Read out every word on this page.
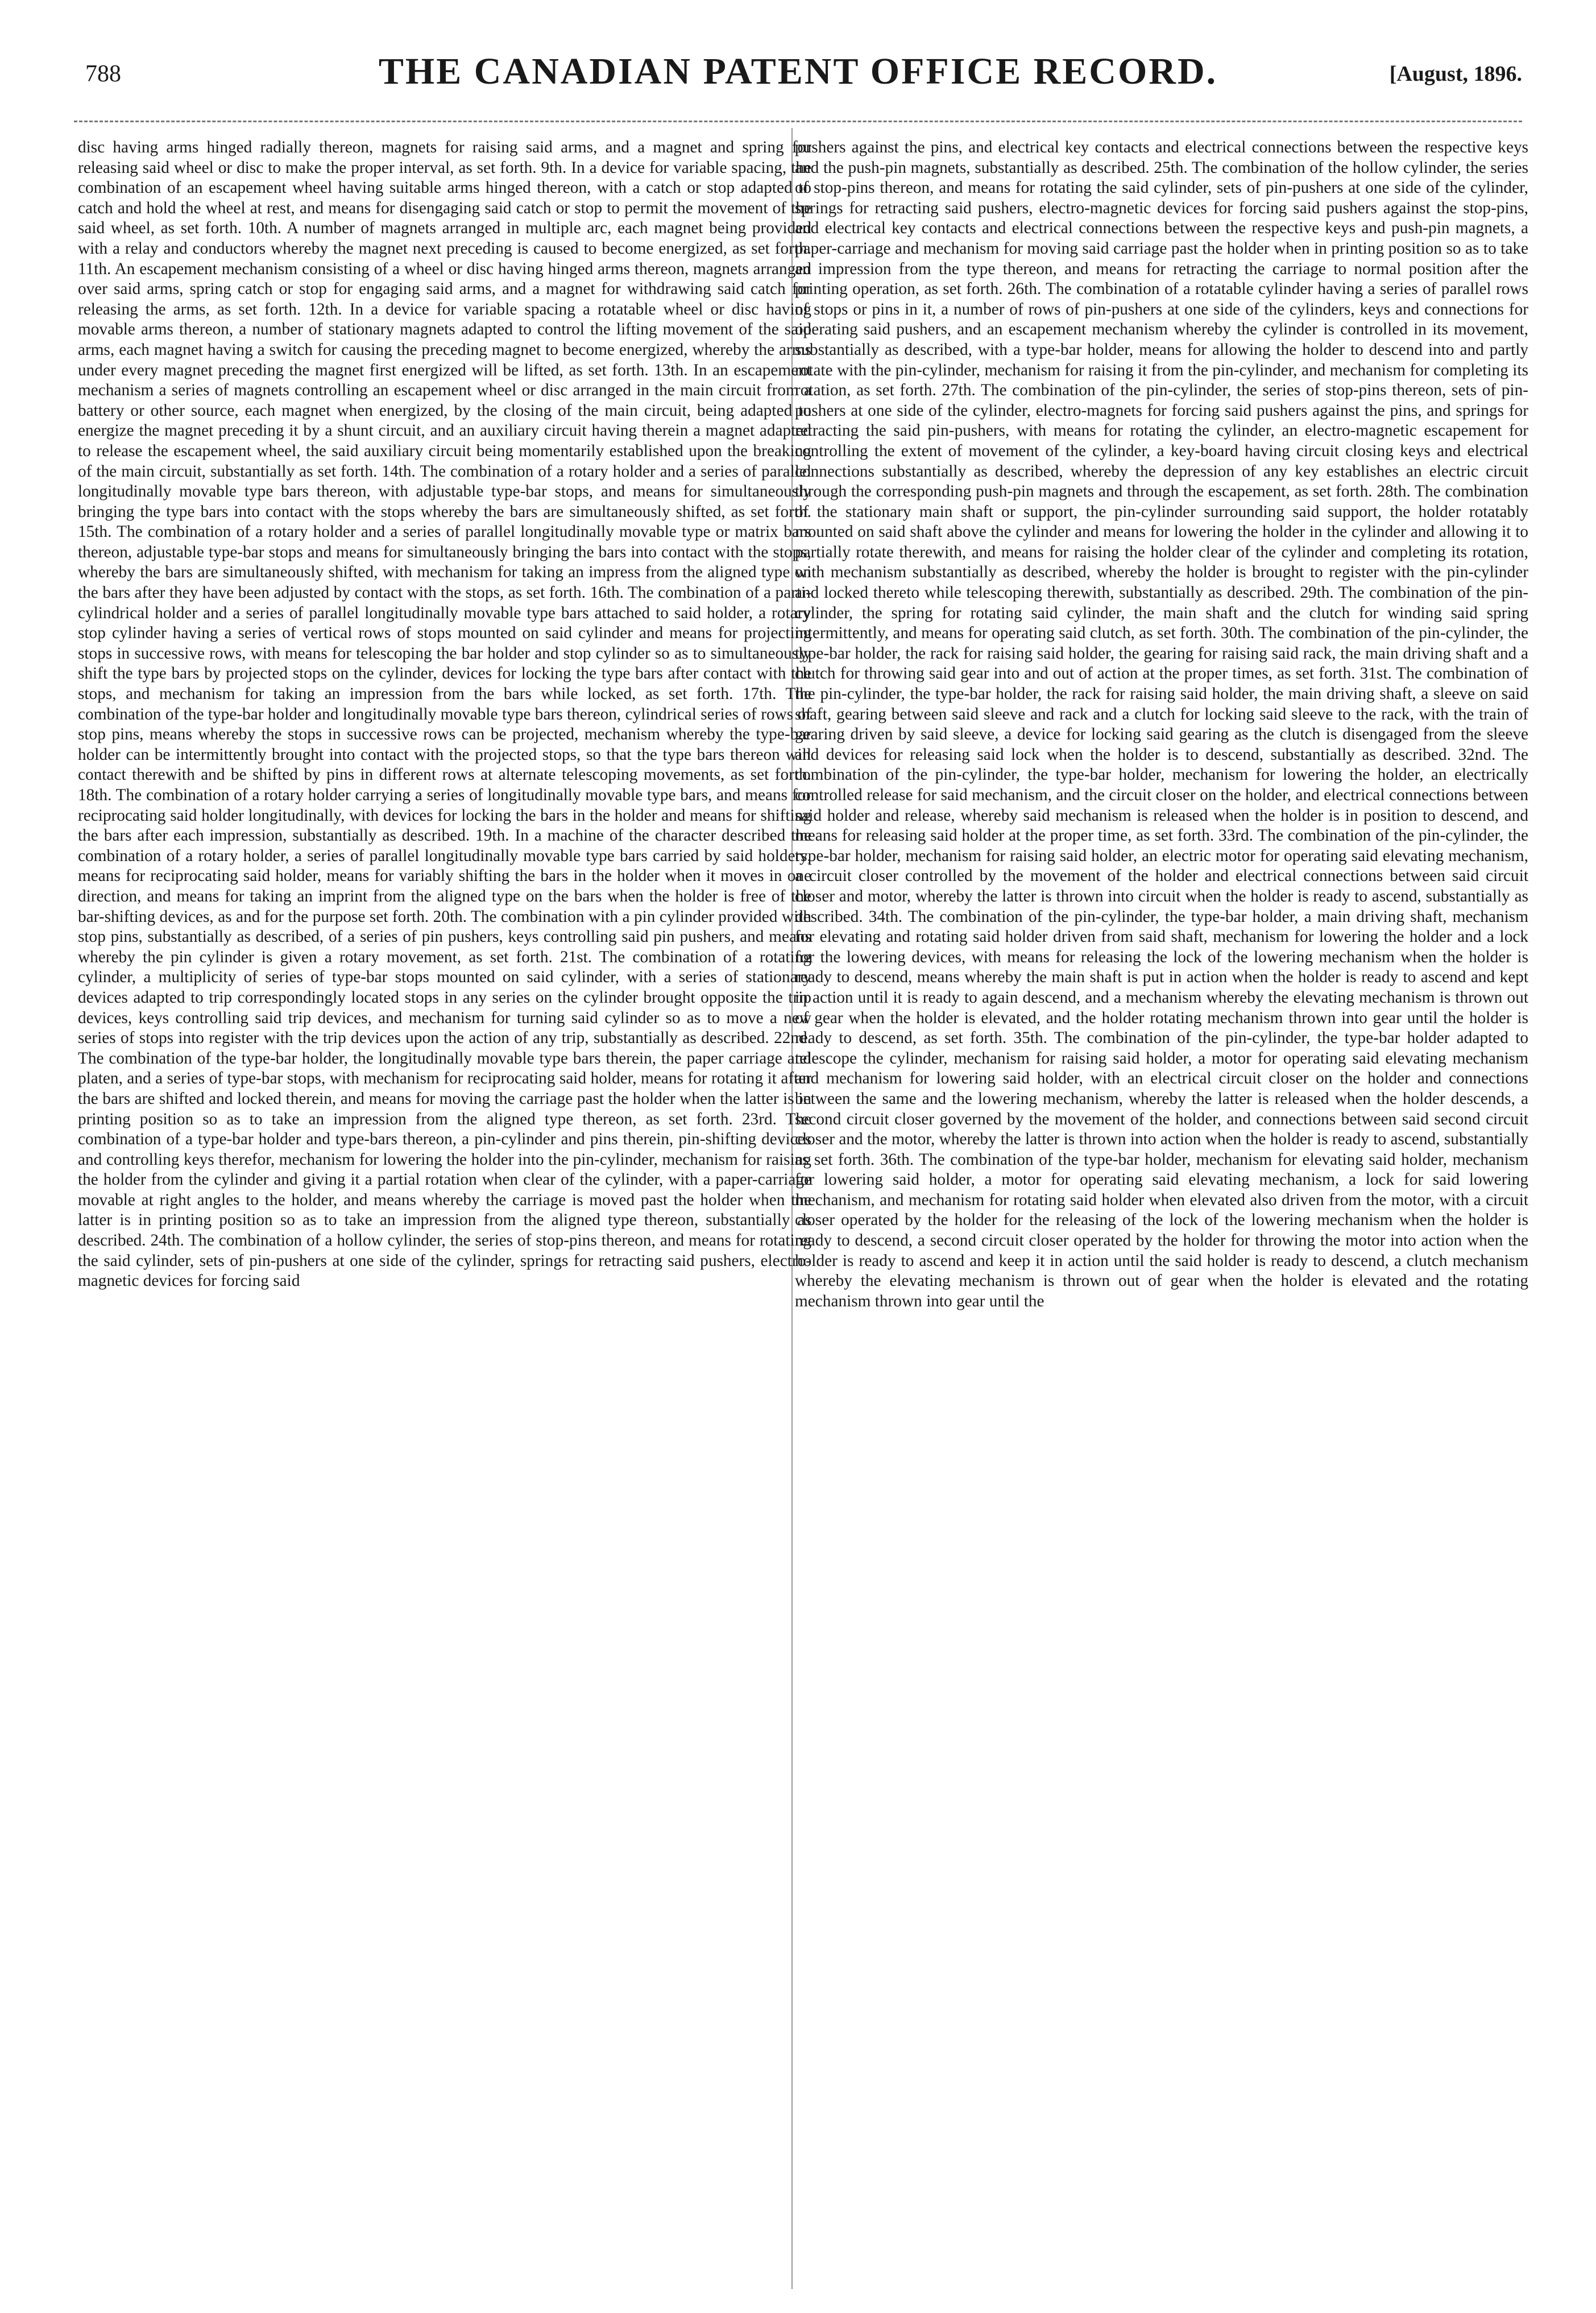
788	THE CANADIAN PATENT OFFICE RECORD.	[August, 1896.

disc having arms hinged radially thereon, magnets for raising said arms, and a magnet and spring for releasing said wheel or disc to make the proper interval, as set forth. 9th. In a device for variable spacing, the combination of an escapement wheel having suitable arms hinged thereon, with a catch or stop adapted to catch and hold the wheel at rest, and means for disengaging said catch or stop to permit the movement of the said wheel, as set forth. 10th. A number of magnets arranged in multiple arc, each magnet being provided with a relay and conductors whereby the magnet next preceding is caused to become energized, as set forth. 11th. An escapement mechanism consisting of a wheel or disc having hinged arms thereon, magnets arranged over said arms, spring catch or stop for engaging said arms, and a magnet for withdrawing said catch for releasing the arms, as set forth. 12th. In a device for variable spacing a rotatable wheel or disc having movable arms thereon, a number of stationary magnets adapted to control the lifting movement of the said arms, each magnet having a switch for causing the preceding magnet to become energized, whereby the arms under every magnet preceding the magnet first energized will be lifted, as set forth. 13th. In an escapement mechanism a series of magnets controlling an escapement wheel or disc arranged in the main circuit from a battery or other source, each magnet when energized, by the closing of the main circuit, being adapted to energize the magnet preceding it by a shunt circuit, and an auxiliary circuit having therein a magnet adapted to release the escapement wheel, the said auxiliary circuit being momentarily established upon the breaking of the main circuit, substantially as set forth. 14th. The combination of a rotary holder and a series of parallel longitudinally movable type bars thereon, with adjustable type-bar stops, and means for simultaneously bringing the type bars into contact with the stops whereby the bars are simultaneously shifted, as set forth. 15th. The combination of a rotary holder and a series of parallel longitudinally movable type or matrix bars thereon, adjustable type-bar stops and means for simultaneously bringing the bars into contact with the stops, whereby the bars are simultaneously shifted, with mechanism for taking an impress from the aligned type on the bars after they have been adjusted by contact with the stops, as set forth. 16th. The combination of a parti-cylindrical holder and a series of parallel longitudinally movable type bars attached to said holder, a rotary stop cylinder having a series of vertical rows of stops mounted on said cylinder and means for projecting stops in successive rows, with means for telescoping the bar holder and stop cylinder so as to simultaneously shift the type bars by projected stops on the cylinder, devices for locking the type bars after contact with the stops, and mechanism for taking an impression from the bars while locked, as set forth. 17th. The combination of the type-bar holder and longitudinally movable type bars thereon, cylindrical series of rows of stop pins, means whereby the stops in successive rows can be projected, mechanism whereby the type-bar holder can be intermittently brought into contact with the projected stops, so that the type bars thereon will contact therewith and be shifted by pins in different rows at alternate telescoping movements, as set forth. 18th. The combination of a rotary holder carrying a series of longitudinally movable type bars, and means for reciprocating said holder longitudinally, with devices for locking the bars in the holder and means for shifting the bars after each impression, substantially as described. 19th. In a machine of the character described the combination of a rotary holder, a series of parallel longitudinally movable type bars carried by said holders, means for reciprocating said holder, means for variably shifting the bars in the holder when it moves in one direction, and means for taking an imprint from the aligned type on the bars when the holder is free of the bar-shifting devices, as and for the purpose set forth. 20th. The combination with a pin cylinder provided with stop pins, substantially as described, of a series of pin pushers, keys controlling said pin pushers, and means whereby the pin cylinder is given a rotary movement, as set forth. 21st. The combination of a rotating cylinder, a multiplicity of series of type-bar stops mounted on said cylinder, with a series of stationary devices adapted to trip correspondingly located stops in any series on the cylinder brought opposite the trip devices, keys controlling said trip devices, and mechanism for turning said cylinder so as to move a new series of stops into register with the trip devices upon the action of any trip, substantially as described. 22nd. The combination of the type-bar holder, the longitudinally movable type bars therein, the paper carriage and platen, and a series of type-bar stops, with mechanism for reciprocating said holder, means for rotating it after the bars are shifted and locked therein, and means for moving the carriage past the holder when the latter is in printing position so as to take an impression from the aligned type thereon, as set forth. 23rd. The combination of a type-bar holder and type-bars thereon, a pin-cylinder and pins therein, pin-shifting devices and controlling keys therefor, mechanism for lowering the holder into the pin-cylinder, mechanism for raising the holder from the cylinder and giving it a partial rotation when clear of the cylinder, with a paper-carriage movable at right angles to the holder, and means whereby the carriage is moved past the holder when the latter is in printing position so as to take an impression from the aligned type thereon, substantially as described. 24th. The combination of a hollow cylinder, the series of stop-pins thereon, and means for rotating the said cylinder, sets of pin-pushers at one side of the cylinder, springs for retracting said pushers, electro-magnetic devices for forcing said

pushers against the pins, and electrical key contacts and electrical connections between the respective keys and the push-pin magnets, substantially as described. 25th. The combination of the hollow cylinder, the series of stop-pins thereon, and means for rotating the said cylinder, sets of pin-pushers at one side of the cylinder, springs for retracting said pushers, electro-magnetic devices for forcing said pushers against the stop-pins, and electrical key contacts and electrical connections between the respective keys and push-pin magnets, a paper-carriage and mechanism for moving said carriage past the holder when in printing position so as to take an impression from the type thereon, and means for retracting the carriage to normal position after the printing operation, as set forth. 26th. The combination of a rotatable cylinder having a series of parallel rows of stops or pins in it, a number of rows of pin-pushers at one side of the cylinders, keys and connections for operating said pushers, and an escapement mechanism whereby the cylinder is controlled in its movement, substantially as described, with a type-bar holder, means for allowing the holder to descend into and partly rotate with the pin-cylinder, mechanism for raising it from the pin-cylinder, and mechanism for completing its rotation, as set forth. 27th. The combination of the pin-cylinder, the series of stop-pins thereon, sets of pin-pushers at one side of the cylinder, electro-magnets for forcing said pushers against the pins, and springs for retracting the said pin-pushers, with means for rotating the cylinder, an electro-magnetic escapement for controlling the extent of movement of the cylinder, a key-board having circuit closing keys and electrical connections substantially as described, whereby the depression of any key establishes an electric circuit through the corresponding push-pin magnets and through the escapement, as set forth. 28th. The combination of the stationary main shaft or support, the pin-cylinder surrounding said support, the holder rotatably mounted on said shaft above the cylinder and means for lowering the holder in the cylinder and allowing it to partially rotate therewith, and means for raising the holder clear of the cylinder and completing its rotation, with mechanism substantially as described, whereby the holder is brought to register with the pin-cylinder and locked thereto while telescoping therewith, substantially as described. 29th. The combination of the pin-cylinder, the spring for rotating said cylinder, the main shaft and the clutch for winding said spring intermittently, and means for operating said clutch, as set forth. 30th. The combination of the pin-cylinder, the type-bar holder, the rack for raising said holder, the gearing for raising said rack, the main driving shaft and a clutch for throwing said gear into and out of action at the proper times, as set forth. 31st. The combination of the pin-cylinder, the type-bar holder, the rack for raising said holder, the main driving shaft, a sleeve on said shaft, gearing between said sleeve and rack and a clutch for locking said sleeve to the rack, with the train of gearing driven by said sleeve, a device for locking said gearing as the clutch is disengaged from the sleeve and devices for releasing said lock when the holder is to descend, substantially as described. 32nd. The combination of the pin-cylinder, the type-bar holder, mechanism for lowering the holder, an electrically controlled release for said mechanism, and the circuit closer on the holder, and electrical connections between said holder and release, whereby said mechanism is released when the holder is in position to descend, and means for releasing said holder at the proper time, as set forth. 33rd. The combination of the pin-cylinder, the type-bar holder, mechanism for raising said holder, an electric motor for operating said elevating mechanism, a circuit closer controlled by the movement of the holder and electrical connections between said circuit closer and motor, whereby the latter is thrown into circuit when the holder is ready to ascend, substantially as described. 34th. The combination of the pin-cylinder, the type-bar holder, a main driving shaft, mechanism for elevating and rotating said holder driven from said shaft, mechanism for lowering the holder and a lock for the lowering devices, with means for releasing the lock of the lowering mechanism when the holder is ready to descend, means whereby the main shaft is put in action when the holder is ready to ascend and kept in action until it is ready to again descend, and a mechanism whereby the elevating mechanism is thrown out of gear when the holder is elevated, and the holder rotating mechanism thrown into gear until the holder is ready to descend, as set forth. 35th. The combination of the pin-cylinder, the type-bar holder adapted to telescope the cylinder, mechanism for raising said holder, a motor for operating said elevating mechanism and mechanism for lowering said holder, with an electrical circuit closer on the holder and connections between the same and the lowering mechanism, whereby the latter is released when the holder descends, a second circuit closer governed by the movement of the holder, and connections between said second circuit closer and the motor, whereby the latter is thrown into action when the holder is ready to ascend, substantially as set forth. 36th. The combination of the type-bar holder, mechanism for elevating said holder, mechanism for lowering said holder, a motor for operating said elevating mechanism, a lock for said lowering mechanism, and mechanism for rotating said holder when elevated also driven from the motor, with a circuit closer operated by the holder for the releasing of the lock of the lowering mechanism when the holder is ready to descend, a second circuit closer operated by the holder for throwing the motor into action when the holder is ready to ascend and keep it in action until the said holder is ready to descend, a clutch mechanism whereby the elevating mechanism is thrown out of gear when the holder is elevated and the rotating mechanism thrown into gear until the
